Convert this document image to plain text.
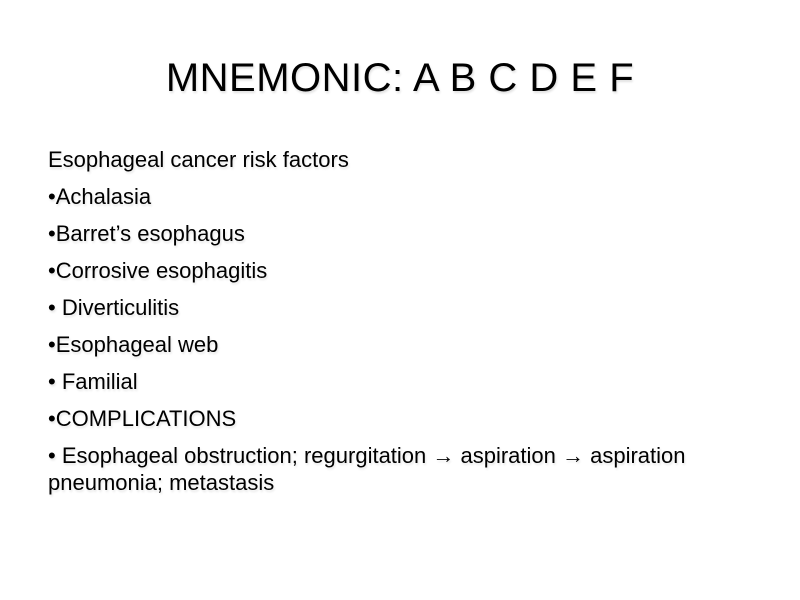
MNEMONIC: A B C D E F
Esophageal cancer risk factors
•Achalasia
•Barret’s esophagus
•Corrosive esophagitis
• Diverticulitis
•Esophageal web
• Familial
•COMPLICATIONS
• Esophageal obstruction; regurgitation → aspiration → aspiration pneumonia; metastasis
